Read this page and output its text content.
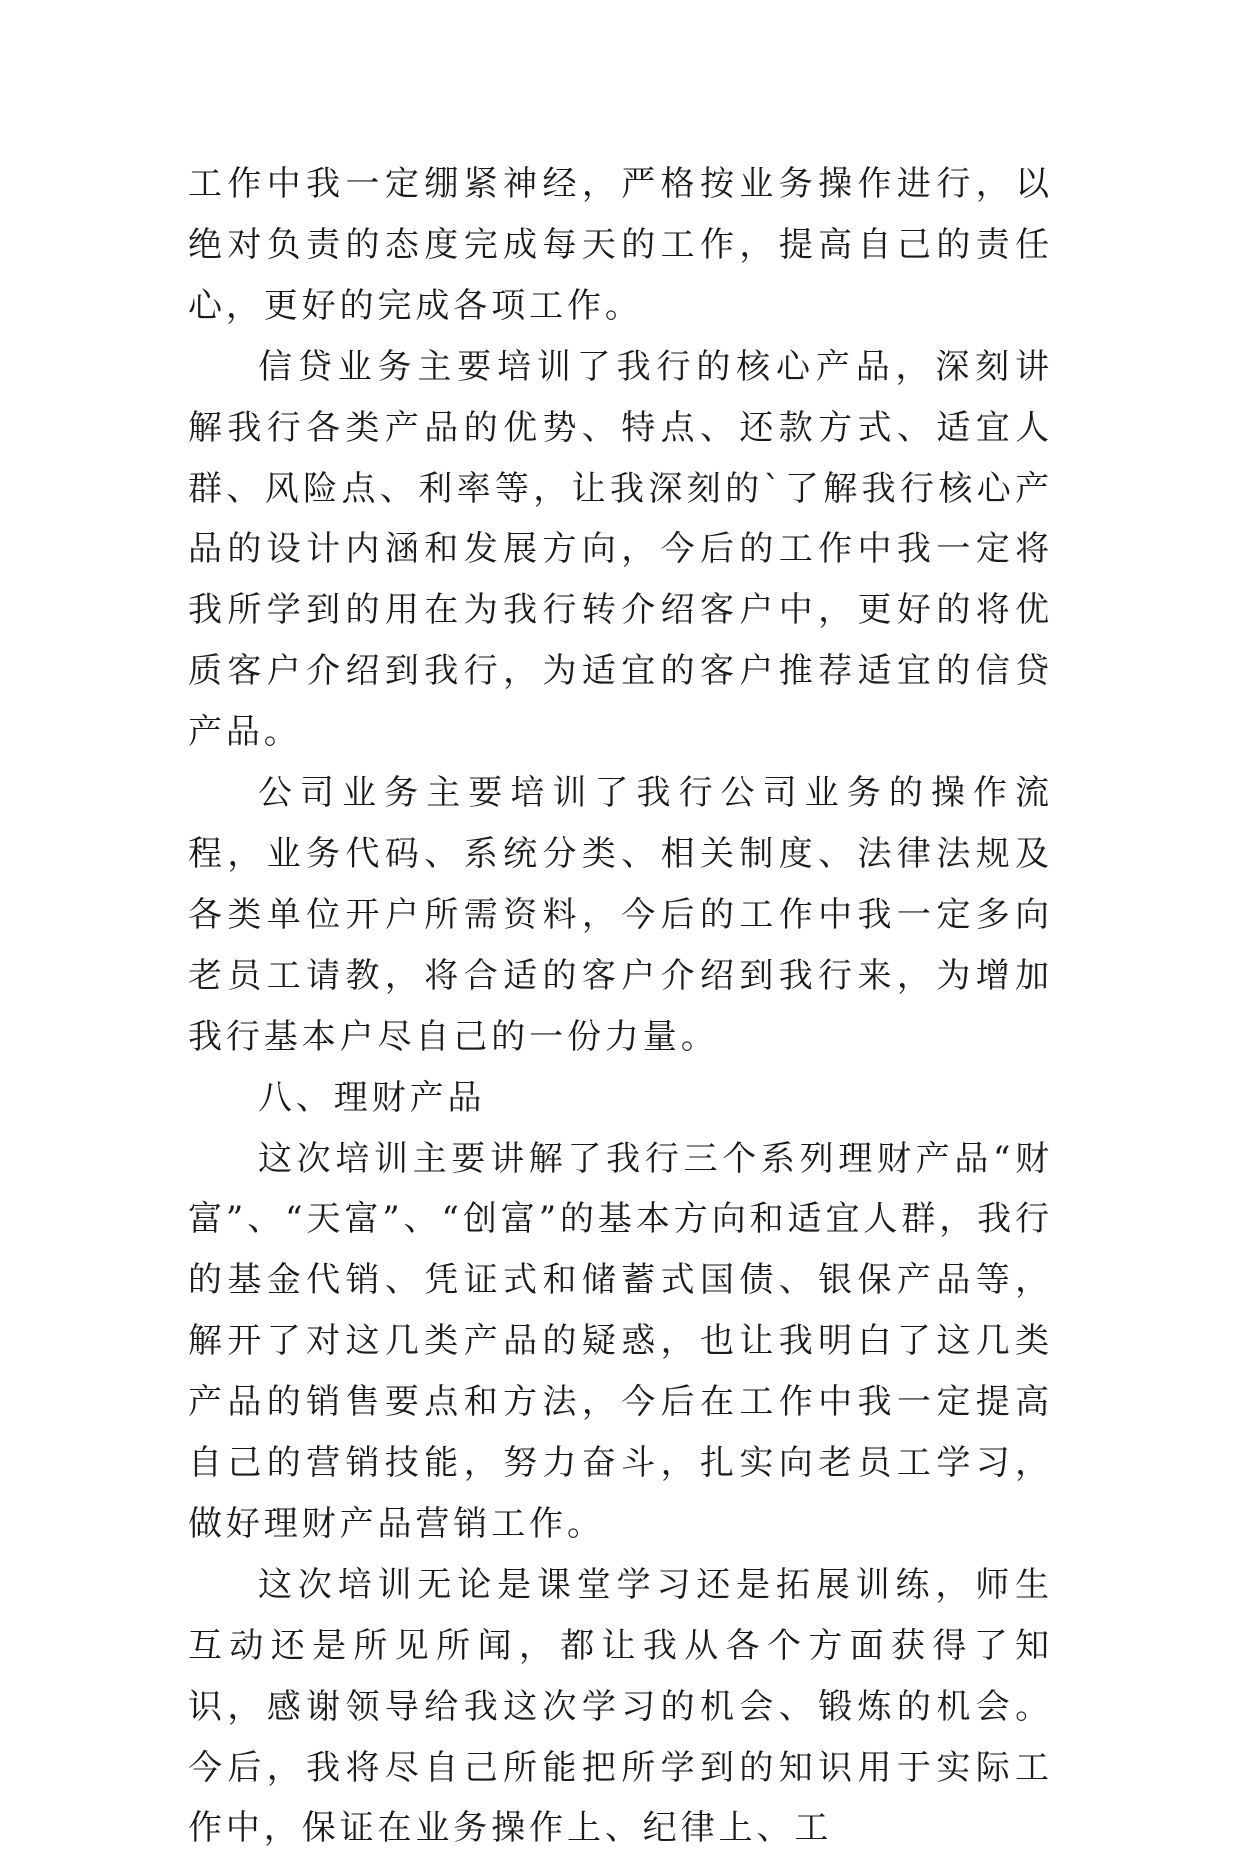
工作中我一定绷紧神经，严格按业务操作进行，以绝对负责的态度完成每天的工作，提高自己的责任心，更好的完成各项工作。

信贷业务主要培训了我行的核心产品，深刻讲解我行各类产品的优势、特点、还款方式、适宜人群、风险点、利率等，让我深刻的`了解我行核心产品的设计内涵和发展方向，今后的工作中我一定将我所学到的用在为我行转介绍客户中，更好的将优质客户介绍到我行，为适宜的客户推荐适宜的信贷产品。

公司业务主要培训了我行公司业务的操作流程，业务代码、系统分类、相关制度、法律法规及各类单位开户所需资料，今后的工作中我一定多向老员工请教，将合适的客户介绍到我行来，为增加我行基本户尽自己的一份力量。

八、理财产品

这次培训主要讲解了我行三个系列理财产品“财富”、“天富”、“创富”的基本方向和适宜人群，我行的基金代销、凭证式和储蓄式国债、银保产品等，解开了对这几类产品的疑惑，也让我明白了这几类产品的销售要点和方法，今后在工作中我一定提高自己的营销技能，努力奋斗，扎实向老员工学习，做好理财产品营销工作。

这次培训无论是课堂学习还是拓展训练，师生互动还是所见所闻，都让我从各个方面获得了知识，感谢领导给我这次学习的机会、锻炼的机会。今后，我将尽自己所能把所学到的知识用于实际工作中，保证在业务操作上、纪律上、工
